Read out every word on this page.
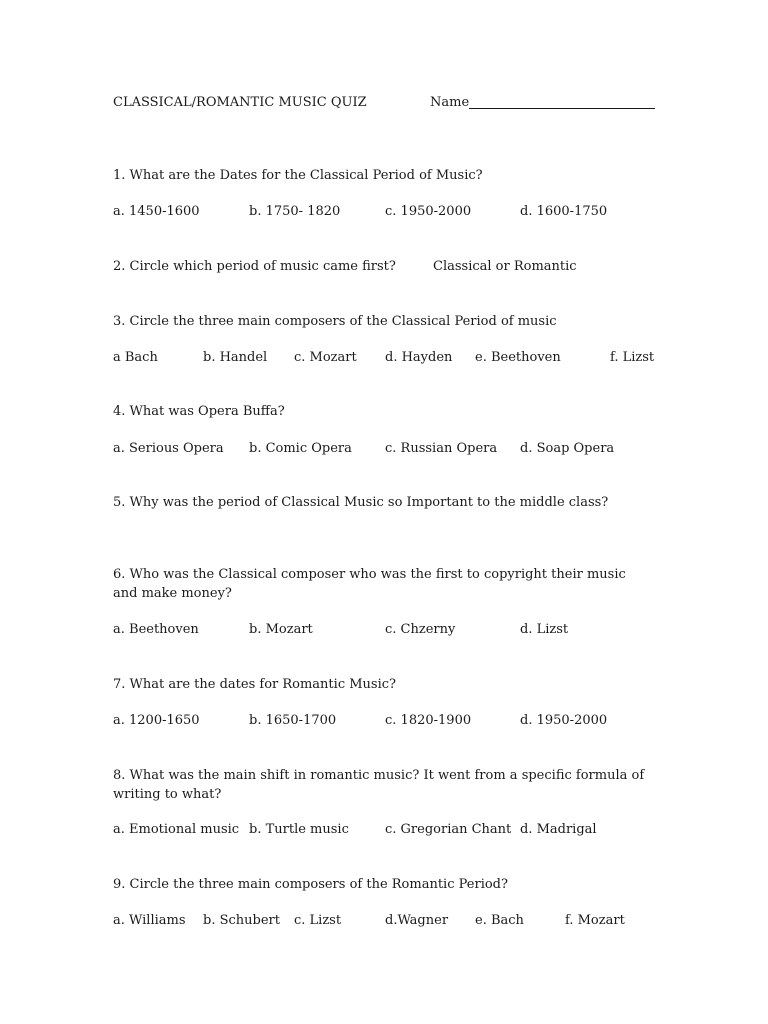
CLASSICAL/ROMANTIC MUSIC QUIZ	Name
1. What are the Dates for the Classical Period of Music?
a. 1450-1600	b. 1750- 1820	c. 1950-2000	d. 1600-1750
2. Circle which period of music came first?	Classical or Romantic
3. Circle the three main composers of the Classical Period of music
a Bach	b. Handel c. Mozart d. Hayden e. Beethoven	f. Lizst
4. What was Opera Buffa?
a. Serious Opera b. Comic Opera	c. Russian Opera d. Soap Opera
5. Why was the period of Classical Music so Important to the middle class?
6. Who was the Classical composer who was the first to copyright their music and make money?
a. Beethoven	b. Mozart	c. Chzerny	d. Lizst
7. What are the dates for Romantic Music?
a. 1200-1650	b. 1650-1700	c. 1820-1900	d. 1950-2000
8. What was the main shift in romantic music? It went from a specific formula of writing to what?
a. Emotional music b. Turtle music	c. Gregorian Chant d. Madrigal
9. Circle the three main composers of the Romantic Period?
a. Williams b. Schubert c. Lizst	d.Wagner e. Bach	f. Mozart
